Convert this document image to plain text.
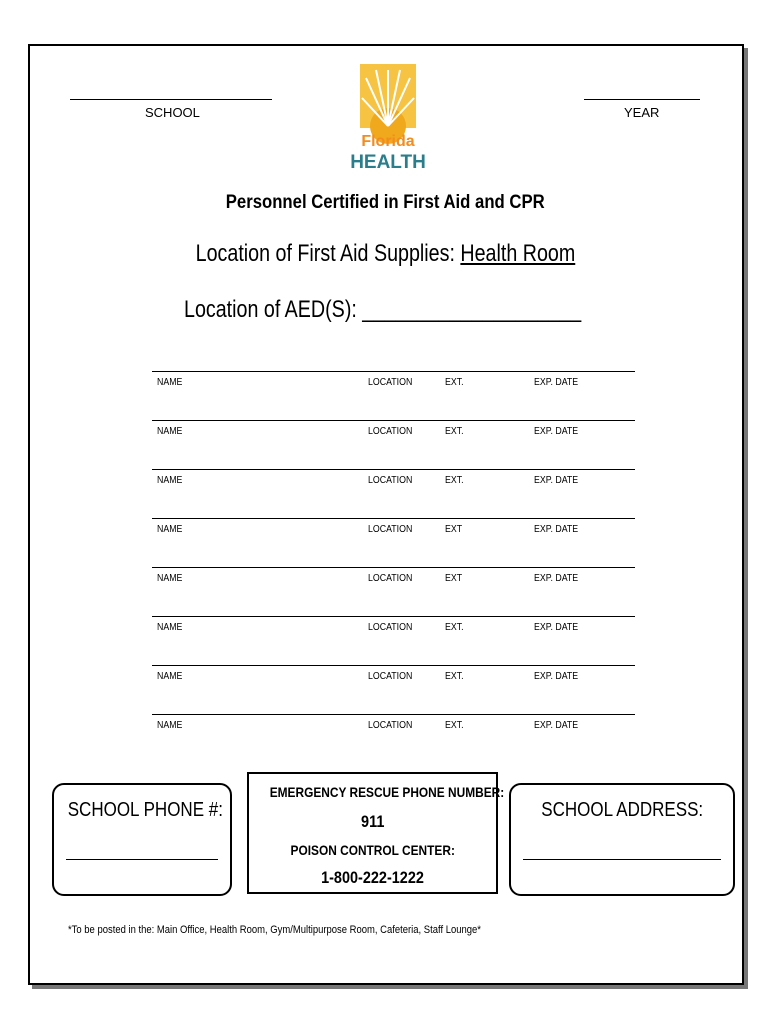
SCHOOL	YEAR
Florida
HEALTH
Personnel Certified in First Aid and CPR
Location of First Aid Supplies: Health Room
Location of AED(S): ____________________
NAME	LOCATION	EXT.	EXP. DATE
NAME	LOCATION	EXT.	EXP. DATE
NAME	LOCATION	EXT.	EXP. DATE
NAME	LOCATION	EXT	EXP. DATE
NAME	LOCATION	EXT	EXP. DATE
NAME	LOCATION	EXT.	EXP. DATE
NAME	LOCATION	EXT.	EXP. DATE
NAME	LOCATION	EXT.	EXP. DATE
SCHOOL PHONE #:
EMERGENCY RESCUE PHONE NUMBER:
911
POISON CONTROL CENTER:
1-800-222-1222
SCHOOL ADDRESS:
*To be posted in the: Main Office, Health Room, Gym/Multipurpose Room, Cafeteria, Staff Lounge*
